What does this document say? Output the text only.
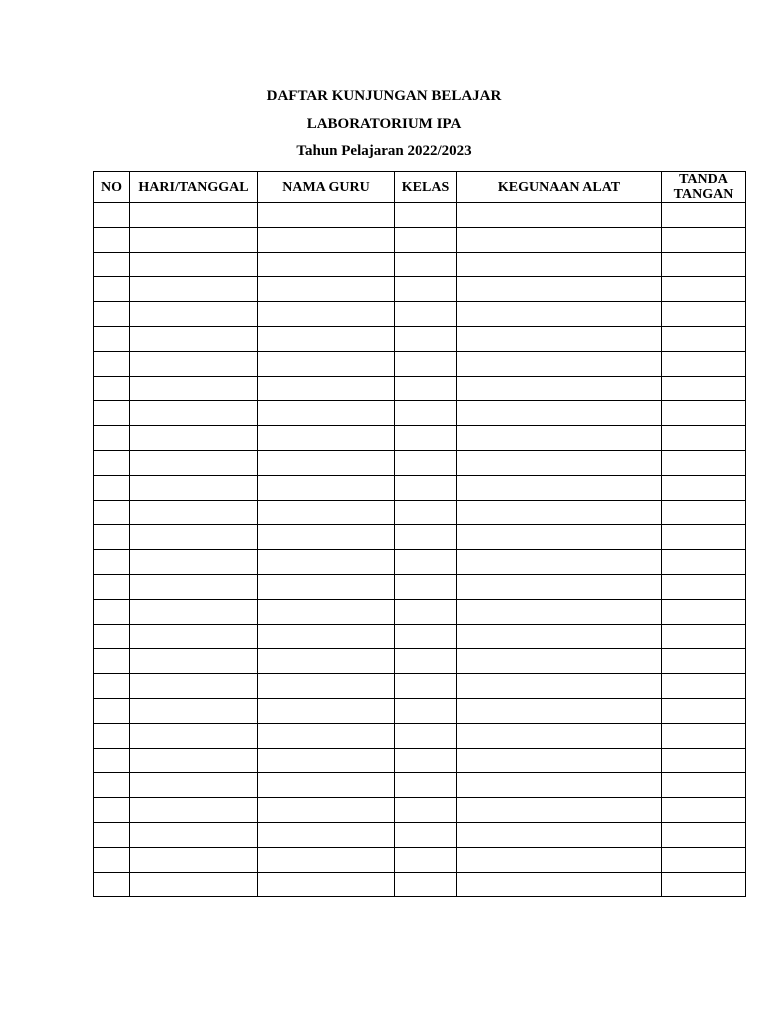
DAFTAR KUNJUNGAN BELAJAR
LABORATORIUM IPA
Tahun Pelajaran 2022/2023
NO	HARI/TANGGAL	NAMA GURU	KELAS	KEGUNAAN ALAT	TANDA TANGAN
